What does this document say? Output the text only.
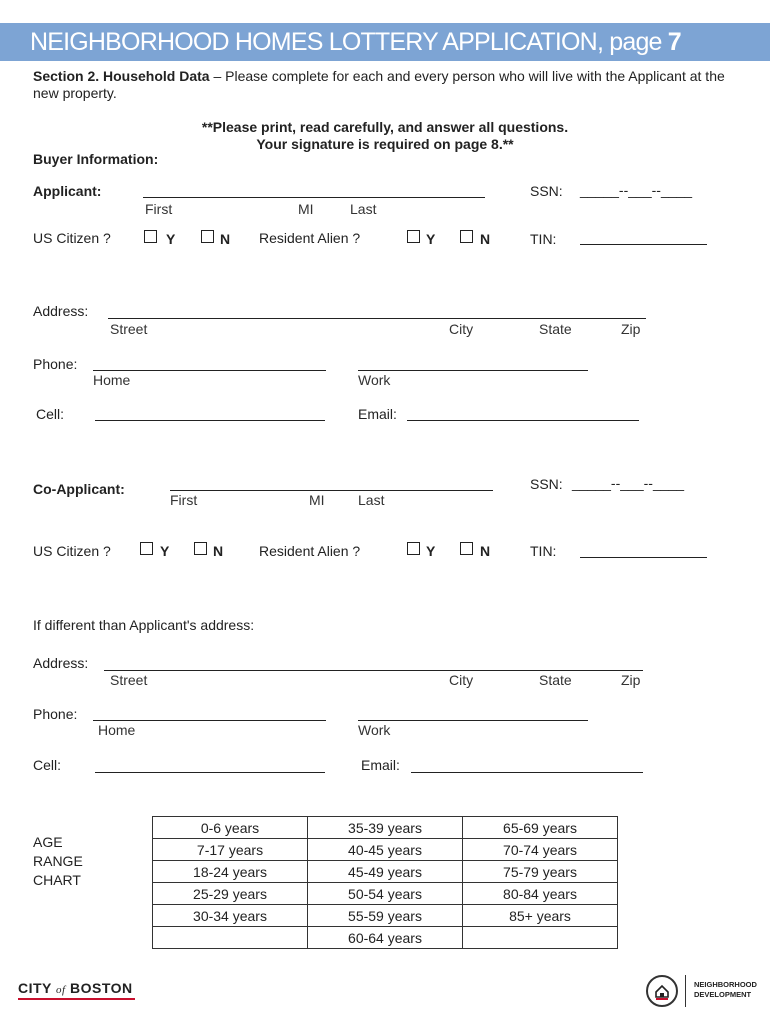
NEIGHBORHOOD HOMES LOTTERY APPLICATION, page 7
Section 2. Household Data – Please complete for each and every person who will live with the Applicant at the new property.
**Please print, read carefully, and answer all questions.
Your signature is required on page 8.**
Buyer Information:
Applicant:
First	MI	Last
SSN: _____--___--____
US Citizen ?	Y	N Resident Alien ?	Y	N	TIN:
Address:
Street	City	State	Zip
Phone:
Home	Work
Cell:	Email:
Co-Applicant:
First	MI Last
SSN: _____--___--____
US Citizen ?	Y	N	Resident Alien ?	Y	N	TIN:
If different than Applicant's address:
Address:
Street	City	State	Zip
Phone:
Home	Work
Cell:	Email:
AGE
RANGE
CHART
0-6 years	35-39 years	65-69 years
7-17 years	40-45 years	70-74 years
18-24 years	45-49 years	75-79 years
25-29 years	50-54 years	80-84 years
30-34 years	55-59 years	85+ years
	60-64 years	
CITY of BOSTON	NEIGHBORHOOD
DEVELOPMENT
